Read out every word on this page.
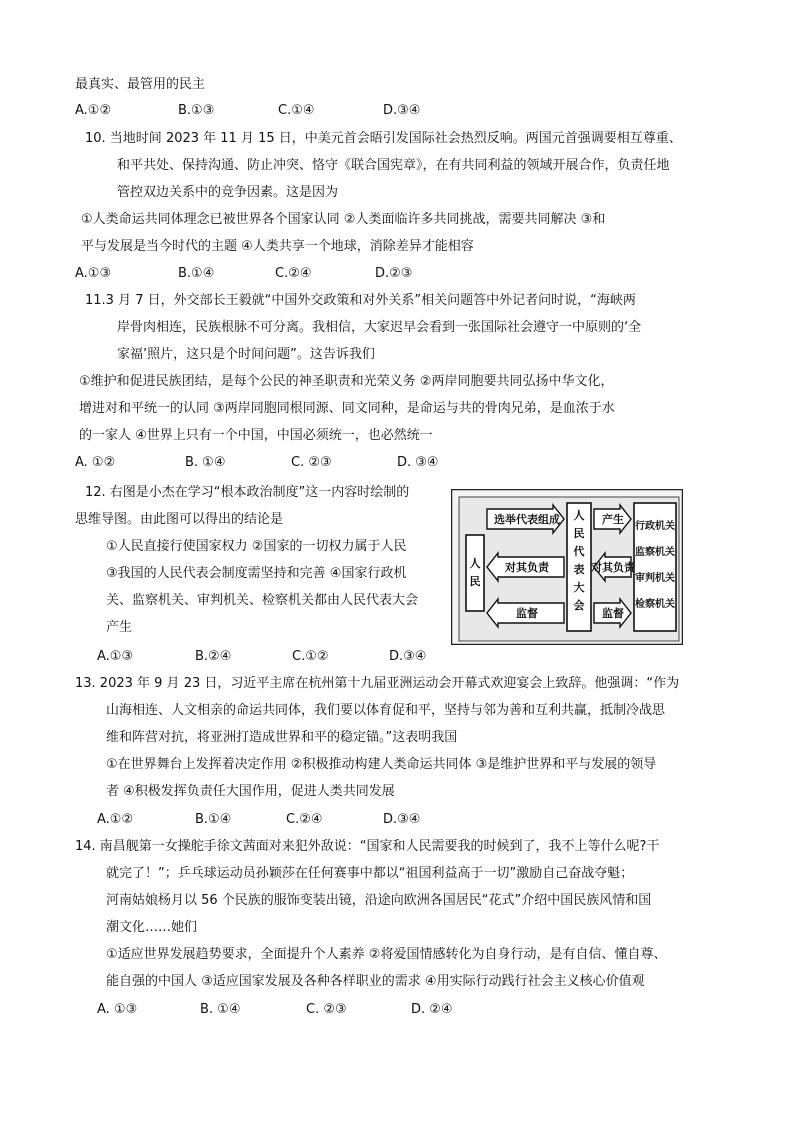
最真实、最管用的民主
A.①②	B.①③	C.①④	D.③④
10. 当地时间 2023 年 11 月 15 日，中美元首会晤引发国际社会热烈反响。两国元首强调要相互尊重、
和平共处、保持沟通、防止冲突、恪守《联合国宪章》，在有共同利益的领域开展合作，负责任地
管控双边关系中的竞争因素。这是因为
①人类命运共同体理念已被世界各个国家认同 ②人类面临许多共同挑战，需要共同解决 ③和
平与发展是当今时代的主题 ④人类共享一个地球，消除差异才能相容
A.①③	B.①④	C.②④	D.②③
11.3 月 7 日，外交部长王毅就“中国外交政策和对外关系”相关问题答中外记者问时说，“海峡两
岸骨肉相连，民族根脉不可分离。我相信，大家迟早会看到一张国际社会遵守一中原则的‘全
家福’照片，这只是个时间问题”。这告诉我们
①维护和促进民族团结，是每个公民的神圣职责和光荣义务 ②两岸同胞要共同弘扬中华文化，
增进对和平统一的认同 ③两岸同胞同根同源、同文同种，是命运与共的骨肉兄弟，是血浓于水
的一家人 ④世界上只有一个中国，中国必须统一，也必然统一
A. ①②	B. ①④	C. ②③	D. ③④
12. 右图是小杰在学习“根本政治制度”这一内容时绘制的
思维导图。由此图可以得出的结论是
①人民直接行使国家权力 ②国家的一切权力属于人民
③我国的人民代表会制度需坚持和完善 ④国家行政机
关、监察机关、审判机关、检察机关都由人民代表大会
产生
A.①③	B.②④	C.①②	D.③④
人民
人民代表大会
行政机关
监察机关
审判机关
检察机关
选举代表组成
对其负责
监督
产生
对其负责
监督
13. 2023 年 9 月 23 日，习近平主席在杭州第十九届亚洲运动会开幕式欢迎宴会上致辞。他强调：“作为
山海相连、人文相亲的命运共同体，我们要以体育促和平，坚持与邻为善和互利共赢，抵制冷战思
维和阵营对抗，将亚洲打造成世界和平的稳定锚。”这表明我国
①在世界舞台上发挥着决定作用 ②积极推动构建人类命运共同体 ③是维护世界和平与发展的领导
者 ④积极发挥负责任大国作用，促进人类共同发展
A.①②	B.①④	C.②④	D.③④
14. 南昌舰第一女操舵手徐文茜面对来犯外敌说：“国家和人民需要我的时候到了，我不上等什么呢?干
就完了！”；乒乓球运动员孙颖莎在任何赛事中都以“祖国利益高于一切”激励自己奋战夺魁；
河南姑娘杨月以 56 个民族的服饰变装出镜，沿途向欧洲各国居民“花式”介绍中国民族风情和国
潮文化……她们
①适应世界发展趋势要求，全面提升个人素养 ②将爱国情感转化为自身行动，是有自信、懂自尊、
能自强的中国人 ③适应国家发展及各种各样职业的需求 ④用实际行动践行社会主义核心价值观
A. ①③	B. ①④	C. ②③	D. ②④
